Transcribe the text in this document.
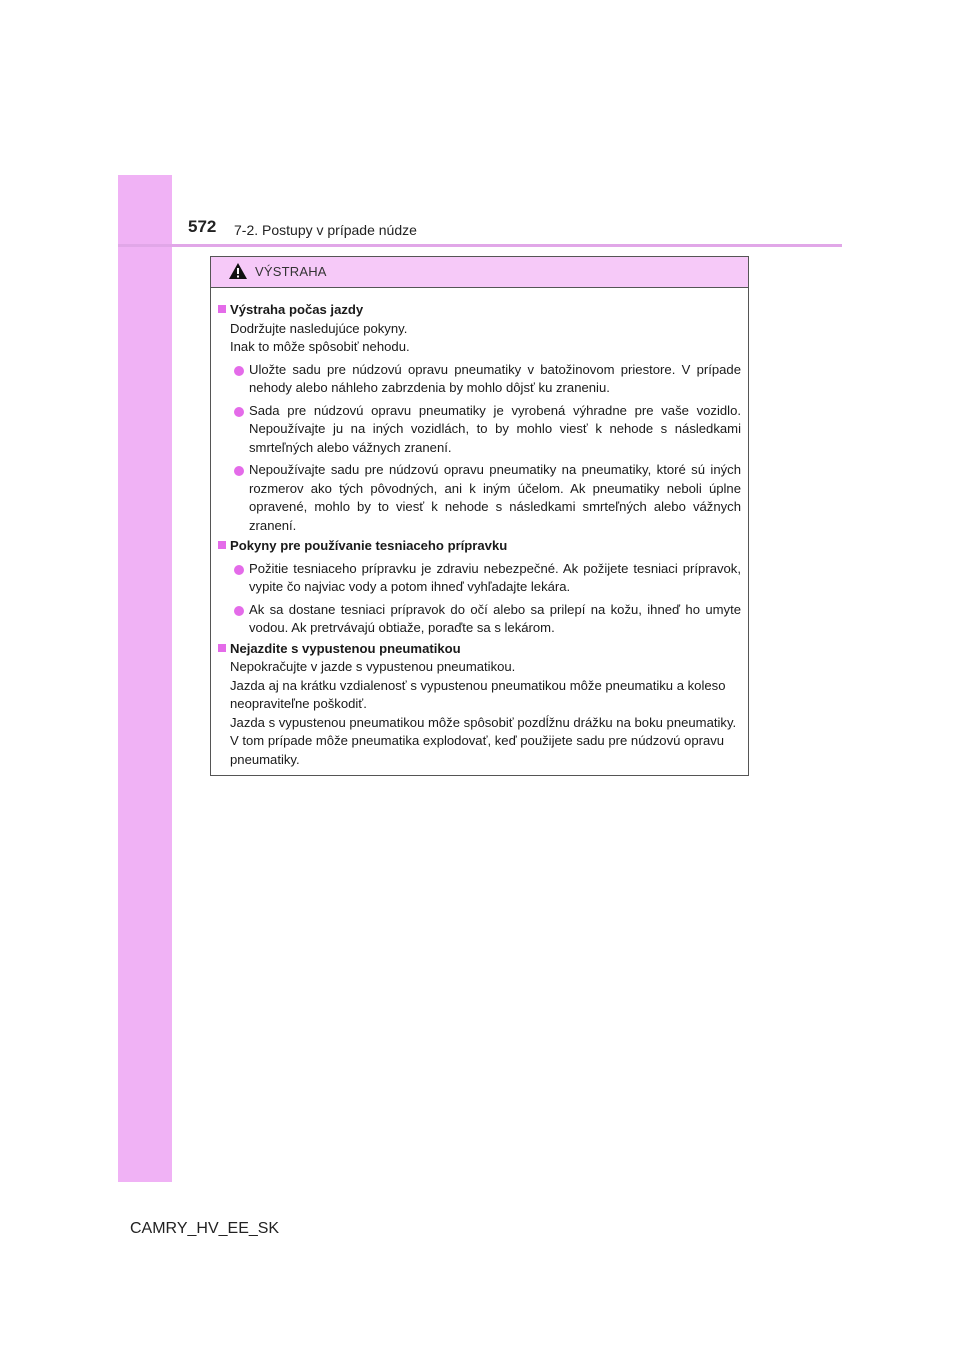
572 7-2. Postupy v prípade núdze
VÝSTRAHA
Výstraha počas jazdy
Dodržujte nasledujúce pokyny.
Inak to môže spôsobiť nehodu.
Uložte sadu pre núdzovú opravu pneumatiky v batožinovom priestore. V prípade nehody alebo náhleho zabrzdenia by mohlo dôjsť ku zraneniu.
Sada pre núdzovú opravu pneumatiky je vyrobená výhradne pre vaše vozidlo. Nepoužívajte ju na iných vozidlách, to by mohlo viesť k nehode s následkami smrteľných alebo vážnych zranení.
Nepoužívajte sadu pre núdzovú opravu pneumatiky na pneumatiky, ktoré sú iných rozmerov ako tých pôvodných, ani k iným účelom. Ak pneumatiky neboli úplne opravené, mohlo by to viesť k nehode s následkami smrteľných alebo vážnych zranení.
Pokyny pre používanie tesniaceho prípravku
Požitie tesniaceho prípravku je zdraviu nebezpečné. Ak požijete tesniaci prípravok, vypite čo najviac vody a potom ihneď vyhľadajte lekára.
Ak sa dostane tesniaci prípravok do očí alebo sa prilepí na kožu, ihneď ho umyte vodou. Ak pretrvávajú obtiaže, poraďte sa s lekárom.
Nejazdite s vypustenou pneumatikou
Nepokračujte v jazde s vypustenou pneumatikou.
Jazda aj na krátku vzdialenosť s vypustenou pneumatikou môže pneumatiku a koleso neopraviteľne poškodiť.
Jazda s vypustenou pneumatikou môže spôsobiť pozdĺžnu drážku na boku pneumatiky. V tom prípade môže pneumatika explodovať, keď použijete sadu pre núdzovú opravu pneumatiky.
CAMRY_HV_EE_SK
